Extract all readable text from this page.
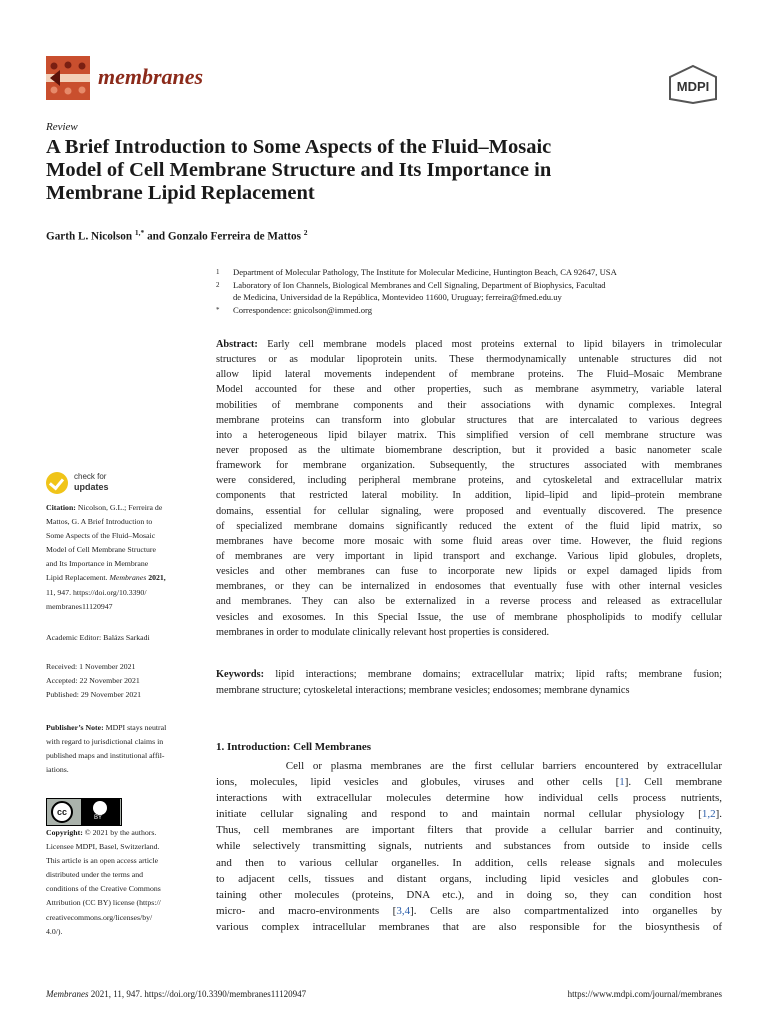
membranes	MDPI
Review
A Brief Introduction to Some Aspects of the Fluid–Mosaic
Model of Cell Membrane Structure and Its Importance in
Membrane Lipid Replacement
Garth L. Nicolson $^{1,*}$ and Gonzalo Ferreira de Mattos $^2$
1 Department of Molecular Pathology, The Institute for Molecular Medicine, Huntington Beach, CA 92647, USA
2 Laboratory of Ion Channels, Biological Membranes and Cell Signaling, Department of Biophysics, Facultad
de Medicina, Universidad de la República, Montevideo 11600, Uruguay; ferreira@fmed.edu.uy
* Correspondence: gnicolson@immed.org
Abstract: Early cell membrane models placed most proteins external to lipid bilayers in trimolecular
structures or as modular lipoprotein units. These thermodynamically untenable structures did not
allow lipid lateral movements independent of membrane proteins. The Fluid–Mosaic Membrane
Model accounted for these and other properties, such as membrane asymmetry, variable lateral
mobilities of membrane components and their associations with dynamic complexes. Integral
membrane proteins can transform into globular structures that are intercalated to various degrees
into a heterogeneous lipid bilayer matrix. This simplified version of cell membrane structure was
never proposed as the ultimate biomembrane description, but it provided a basic nanometer scale
framework for membrane organization. Subsequently, the structures associated with membranes
were considered, including peripheral membrane proteins, and cytoskeletal and extracellular matrix
components that restricted lateral mobility. In addition, lipid–lipid and lipid–protein membrane
domains, essential for cellular signaling, were proposed and eventually discovered. The presence
of specialized membrane domains significantly reduced the extent of the fluid lipid matrix, so
membranes have become more mosaic with some fluid areas over time. However, the fluid regions
of membranes are very important in lipid transport and exchange. Various lipid globules, droplets,
vesicles and other membranes can fuse to incorporate new lipids or expel damaged lipids from
membranes, or they can be internalized in endosomes that eventually fuse with other internal vesicles
and membranes. They can also be externalized in a reverse process and released as extracellular
vesicles and exosomes. In this Special Issue, the use of membrane phospholipids to modify cellular
membranes in order to modulate clinically relevant host properties is considered.
Keywords: lipid interactions; membrane domains; extracellular matrix; lipid rafts; membrane fusion;
membrane structure; cytoskeletal interactions; membrane vesicles; endosomes; membrane dynamics
1. Introduction: Cell Membranes
Cell or plasma membranes are the first cellular barriers encountered by extracellular
ions, molecules, lipid vesicles and globules, viruses and other cells [1]. Cell membrane
interactions with extracellular molecules determine how individual cells process nutrients,
initiate cellular signaling and respond to and maintain normal cellular physiology [1,2].
Thus, cell membranes are important filters that provide a cellular barrier and continuity,
while selectively transmitting signals, nutrients and substances from outside to inside cells
and then to various cellular organelles. In addition, cells release signals and molecules
to adjacent cells, tissues and distant organs, including lipid vesicles and globules con-
taining other molecules (proteins, DNA etc.), and in doing so, they can condition host
micro- and macro-environments [3,4]. Cells are also compartmentalized into organelles by
various complex intracellular membranes that are also responsible for the biosynthesis of
check for
updates
Citation: Nicolson, G.L.; Ferreira de
Mattos, G. A Brief Introduction to
Some Aspects of the Fluid–Mosaic
Model of Cell Membrane Structure
and Its Importance in Membrane
Lipid Replacement. Membranes 2021,
11, 947. https://doi.org/10.3390/
membranes11120947
Academic Editor: Balázs Sarkadi
Received: 1 November 2021
Accepted: 22 November 2021
Published: 29 November 2021
Publisher’s Note: MDPI stays neutral
with regard to jurisdictional claims in
published maps and institutional affil-
iations.
cc
BY
Copyright: © 2021 by the authors.
Licensee MDPI, Basel, Switzerland.
This article is an open access article
distributed under the terms and
conditions of the Creative Commons
Attribution (CC BY) license (https://
creativecommons.org/licenses/by/
4.0/).
Membranes 2021, 11, 947. https://doi.org/10.3390/membranes11120947	https://www.mdpi.com/journal/membranes
